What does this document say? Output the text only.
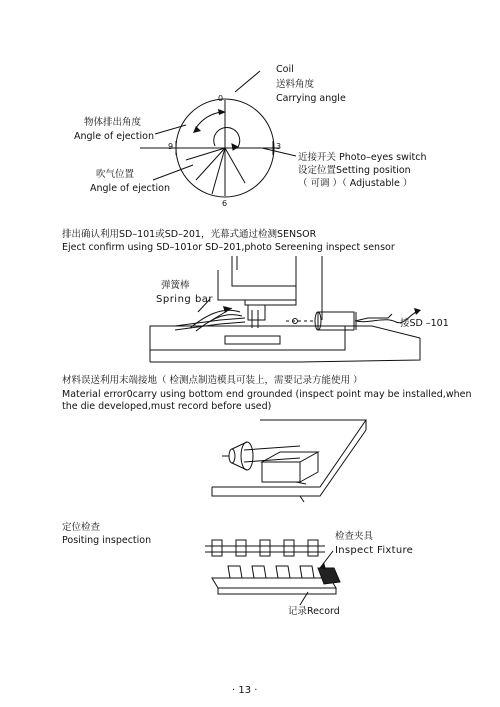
0
3
6
9
Coil
送料角度
Carrying angle
物体排出角度
Angle of ejection
吹气位置
Angle of ejection
近接开关 Photo–eyes switch
设定位置Setting position
（ 可调 ）（ Adjustable ）
排出确认利用SD–101或SD–201，光幕式通过检测SENSOR
Eject confirm using SD–101or SD–201,photo Sereening inspect sensor
弹簧棒
Spring bar
接SD –101
材料误送利用末端接地（ 检测点制造模具可装上，需要记录方能使用 ）
Material error0carry using bottom end grounded (inspect point may be installed,when
the die developed,must record before used)
定位检查
Positing inspection	检查夹具
Inspect Fixture
记录Record
· 13 ·
